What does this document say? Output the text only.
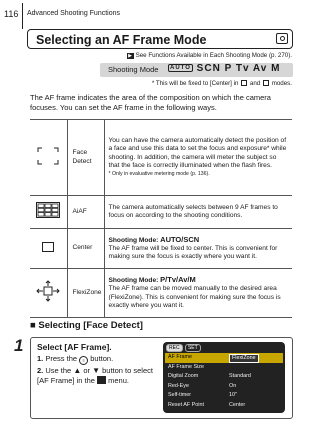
116 Advanced Shooting Functions
Selecting an AF Frame Mode
▶ See Functions Available in Each Shooting Mode (p. 270).
Shooting Mode	AUTO SCN P Tv Av M
* This will be fixed to [Center] in and modes.
The AF frame indicates the area of the composition on which the camera focuses. You can set the AF frame in the following ways.
	Face Detect	You can have the camera automatically detect the position of a face and use this data to set the focus and exposure* while shooting. In addition, the camera will meter the subject so that the face is correctly illuminated when the flash fires.
* Only in evaluative metering mode (p. 136).

	AiAF	The camera automatically selects between 9 AF frames to focus on according to the shooting conditions.
	Center	Shooting Mode: AUTO/SCN
The AF frame will be fixed to center. This is convenient for making sure the focus is exactly where you want it.

	FlexiZone	Shooting Mode: P/Tv/Av/M
The AF frame can be moved manually to the desired area (FlexiZone). This is convenient for making sure the focus is exactly where you want it.
■ Selecting [Face Detect]
1	Select [AF Frame].
1. Press the ≡ button.
2. Use the ▲ or ▼ button to select [AF Frame] in the menu.
REC SET
AF Frame	FlexiZone
AF Frame Size
Digital Zoom	Standard
Red-Eye	On
Self-timer	10"
Reset AF Point	Center
